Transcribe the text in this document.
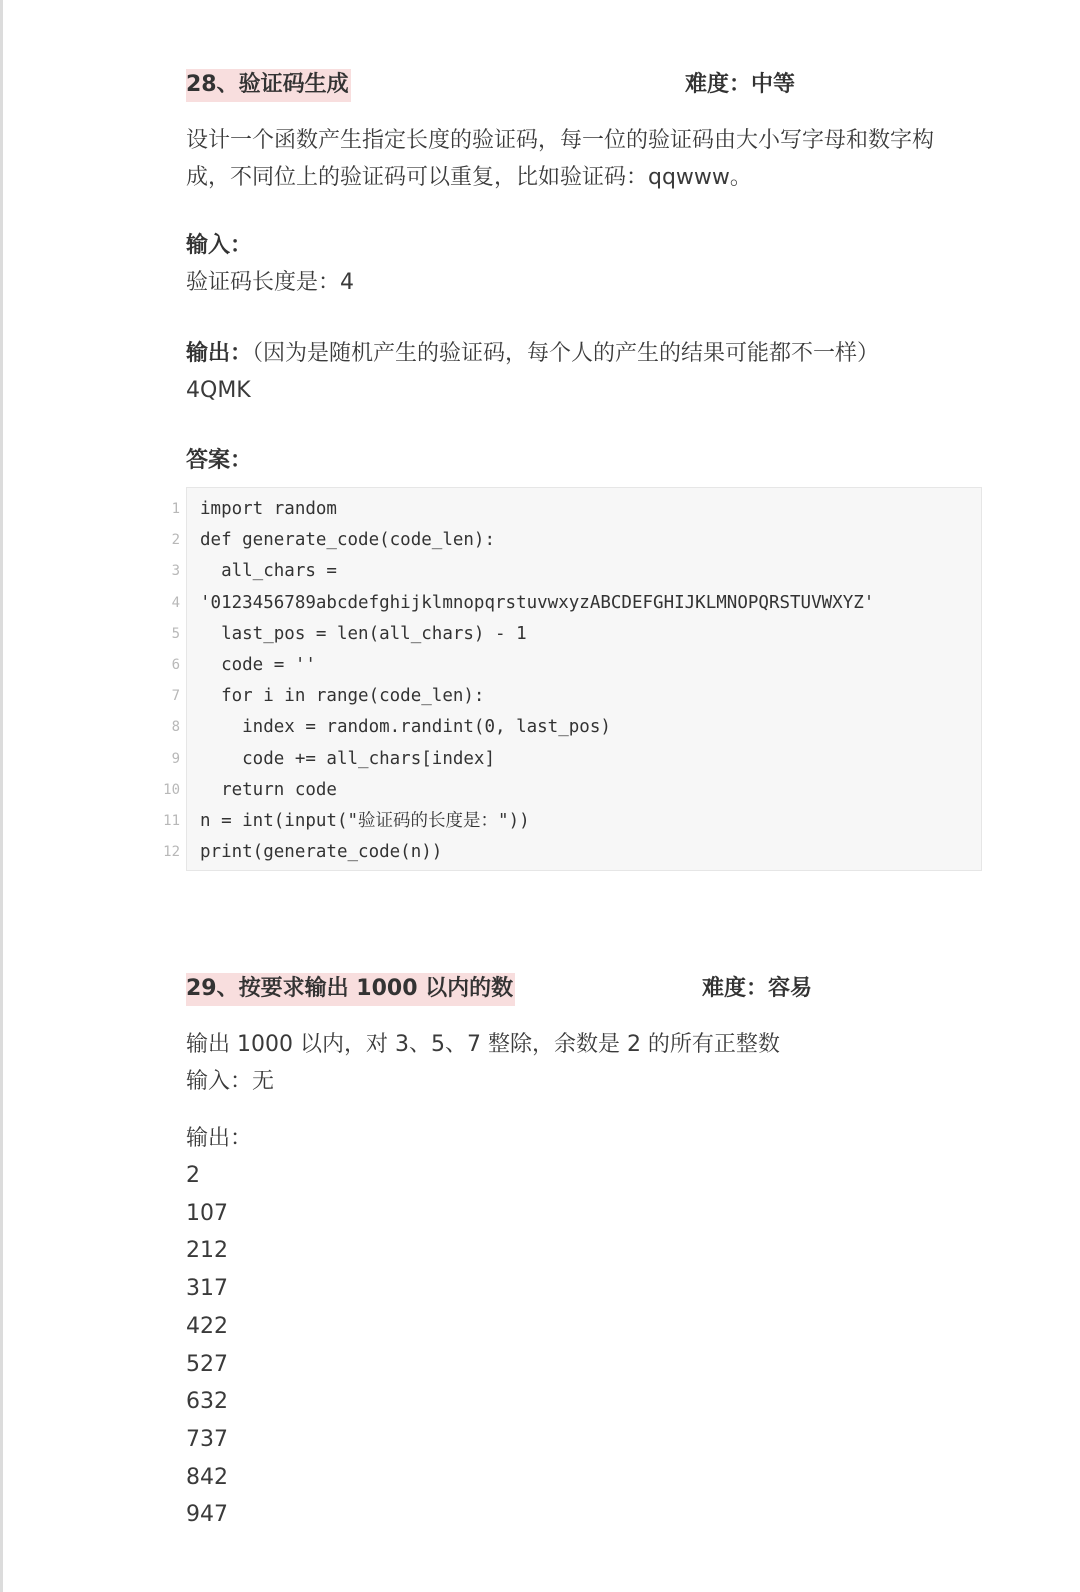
28、验证码生成	难度：中等
设计一个函数产生指定长度的验证码，每一位的验证码由大小写字母和数字构
成，不同位上的验证码可以重复，比如验证码：qqwww。
输入：
验证码长度是：4
输出：（因为是随机产生的验证码，每个人的产生的结果可能都不一样）
4QMK
答案：
1 import random
2 def generate_code(code_len):
3 all_chars =
4 '0123456789abcdefghijklmnopqrstuvwxyzABCDEFGHIJKLMNOPQRSTUVWXYZ'
5 last_pos = len(all_chars) - 1
6 code = ''
7 for i in range(code_len):
8 index = random.randint(0, last_pos)
9 code += all_chars[index]
10 return code
11 n = int(input("验证码的长度是："))
12 print(generate_code(n))
29、按要求输出 1000 以内的数	难度：容易
输出 1000 以内，对 3、5、7 整除，余数是 2 的所有正整数
输入：无
输出：
2
107
212
317
422
527
632
737
842
947
